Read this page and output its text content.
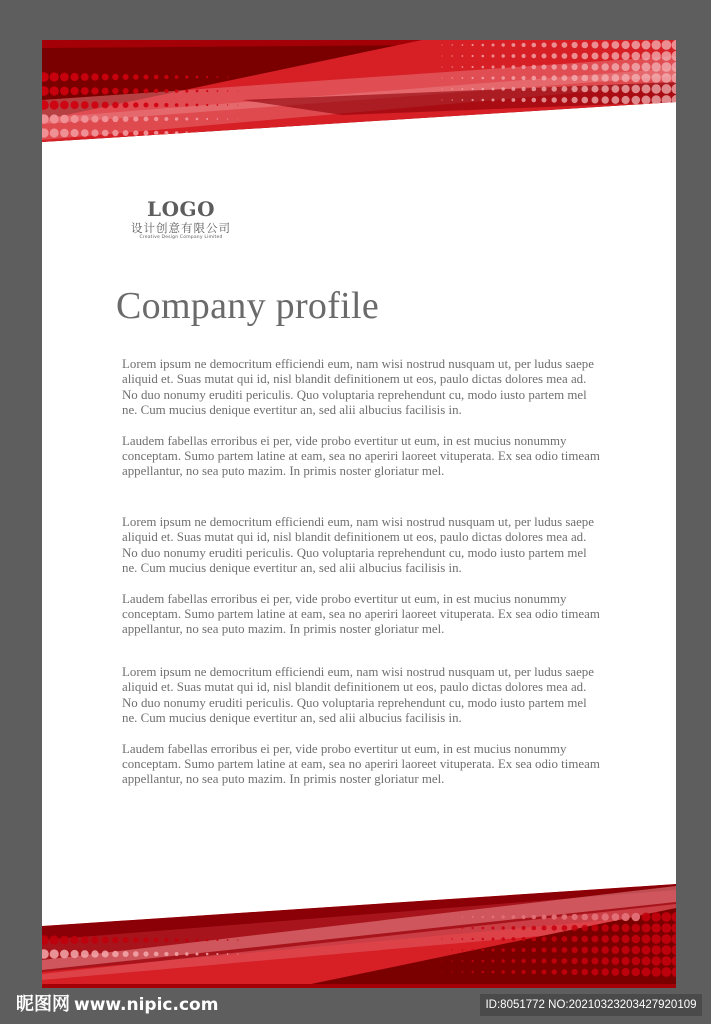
LOGO
设计创意有限公司
Creative Design Company Limited
Company profile

Lorem ipsum ne democritum efficiendi eum, nam wisi nostrud nusquam ut, per ludus saepe aliquid et. Suas mutat qui id, nisl blandit definitionem ut eos, paulo dictas dolores mea ad. No duo nonumy eruditi periculis. Quo voluptaria reprehendunt cu, modo iusto partem mel ne. Cum mucius denique evertitur an, sed alii albucius facilisis in.

Laudem fabellas erroribus ei per, vide probo evertitur ut eum, in est mucius nonummy conceptam. Sumo partem latine at eam, sea no aperiri laoreet vituperata. Ex sea odio timeam appellantur, no sea puto mazim. In primis noster gloriatur mel.

Lorem ipsum ne democritum efficiendi eum, nam wisi nostrud nusquam ut, per ludus saepe aliquid et. Suas mutat qui id, nisl blandit definitionem ut eos, paulo dictas dolores mea ad. No duo nonumy eruditi periculis. Quo voluptaria reprehendunt cu, modo iusto partem mel ne. Cum mucius denique evertitur an, sed alii albucius facilisis in.

Laudem fabellas erroribus ei per, vide probo evertitur ut eum, in est mucius nonummy conceptam. Sumo partem latine at eam, sea no aperiri laoreet vituperata. Ex sea odio timeam appellantur, no sea puto mazim. In primis noster gloriatur mel.

Lorem ipsum ne democritum efficiendi eum, nam wisi nostrud nusquam ut, per ludus saepe aliquid et. Suas mutat qui id, nisl blandit definitionem ut eos, paulo dictas dolores mea ad. No duo nonumy eruditi periculis. Quo voluptaria reprehendunt cu, modo iusto partem mel ne. Cum mucius denique evertitur an, sed alii albucius facilisis in.

Laudem fabellas erroribus ei per, vide probo evertitur ut eum, in est mucius nonummy conceptam. Sumo partem latine at eam, sea no aperiri laoreet vituperata. Ex sea odio timeam appellantur, no sea puto mazim. In primis noster gloriatur mel.

昵图网 www.nipic.com	ID:8051772 NO:20210323203427920109
